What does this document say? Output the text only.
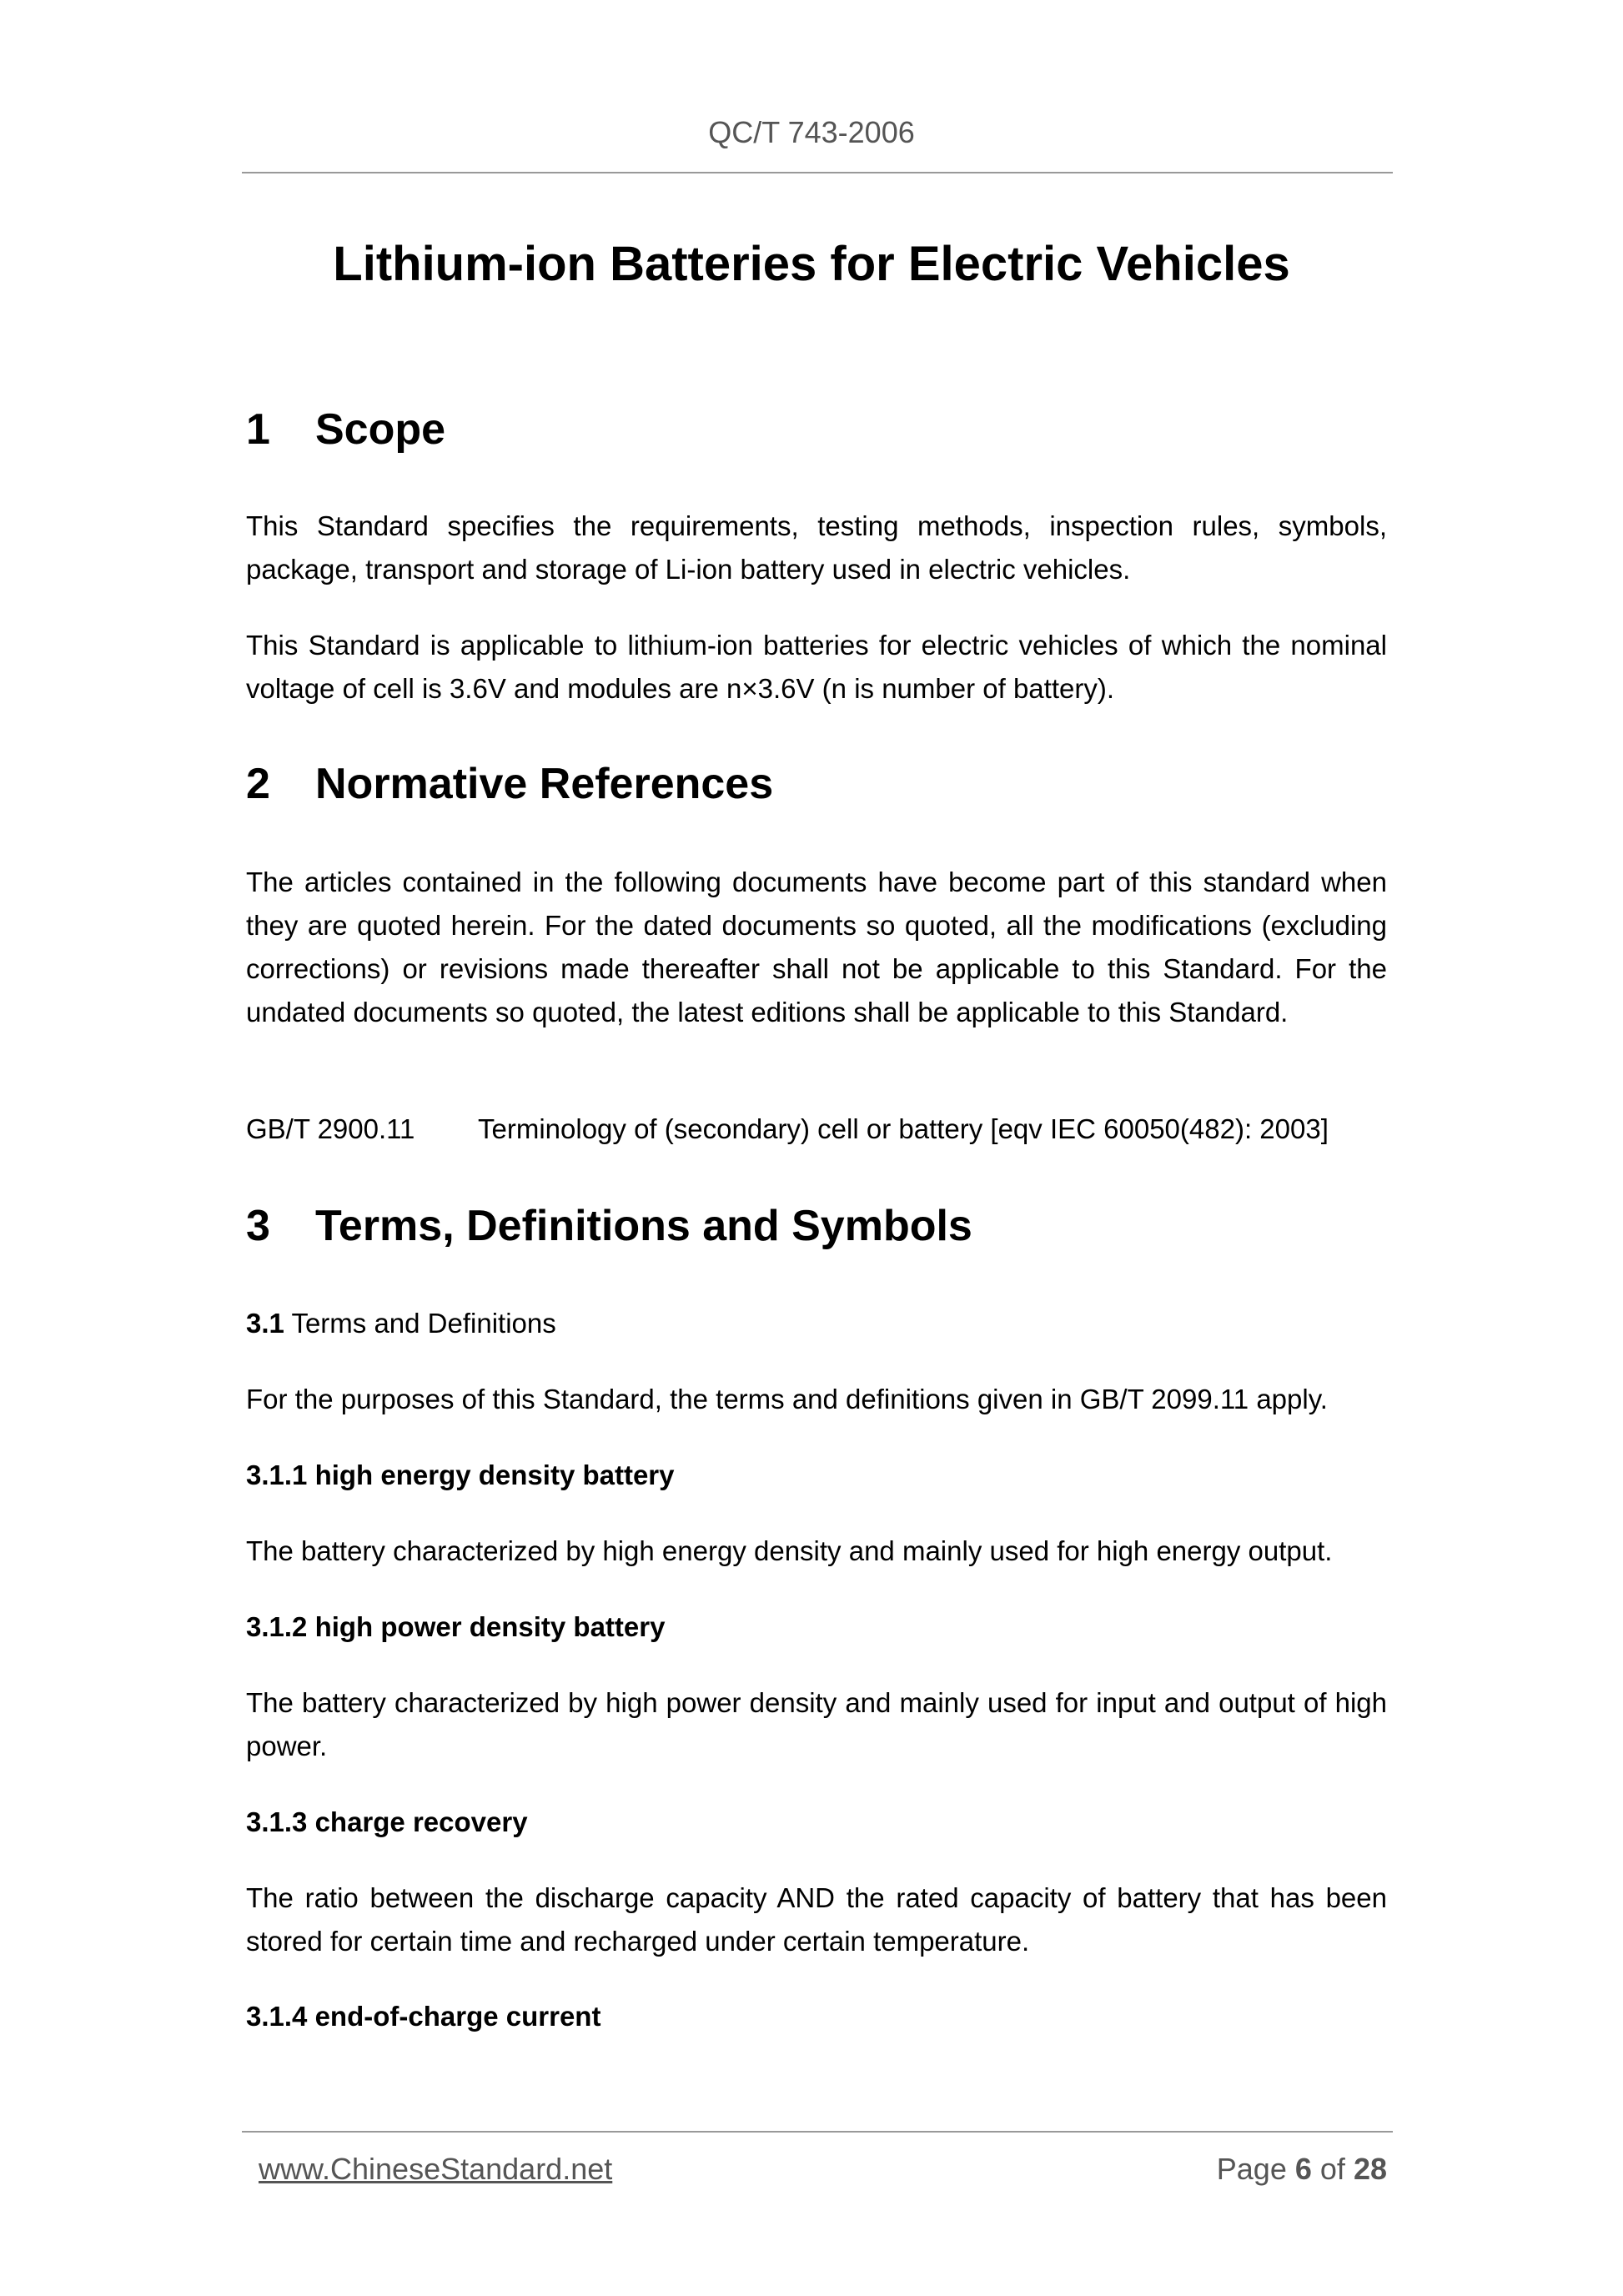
QC/T 743-2006
Lithium-ion Batteries for Electric Vehicles
1 Scope

This Standard specifies the requirements, testing methods, inspection rules, symbols, package, transport and storage of Li-ion battery used in electric vehicles.

This Standard is applicable to lithium-ion batteries for electric vehicles of which the nominal voltage of cell is 3.6V and modules are n×3.6V (n is number of battery).

2 Normative References

The articles contained in the following documents have become part of this standard when they are quoted herein. For the dated documents so quoted, all the modifications (excluding corrections) or revisions made thereafter shall not be applicable to this Standard. For the undated documents so quoted, the latest editions shall be applicable to this Standard.

GB/T 2900.11 Terminology of (secondary) cell or battery [eqv IEC 60050(482): 2003]
3 Terms, Definitions and Symbols
3.1 Terms and Definitions

For the purposes of this Standard, the terms and definitions given in GB/T 2099.11 apply.

3.1.1 high energy density battery

The battery characterized by high energy density and mainly used for high energy output.

3.1.2 high power density battery

The battery characterized by high power density and mainly used for input and output of high power.

3.1.3 charge recovery

The ratio between the discharge capacity AND the rated capacity of battery that has been stored for certain time and recharged under certain temperature.

3.1.4 end-of-charge current
www.ChineseStandard.net	Page 6 of 28
